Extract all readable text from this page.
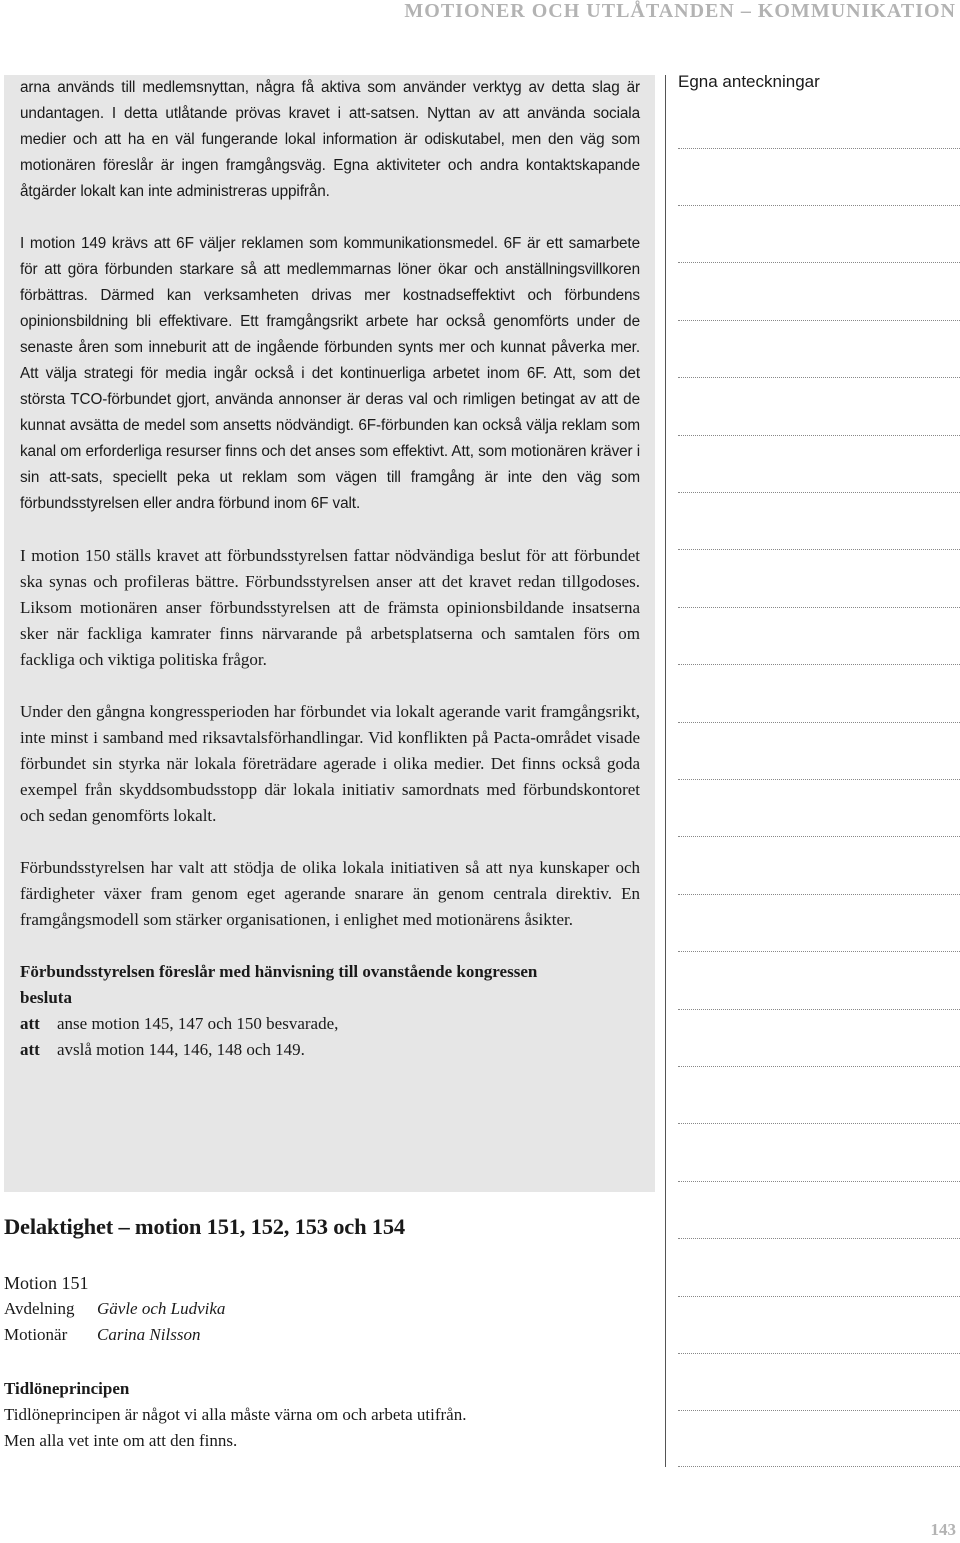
MOTIONER OCH UTLÅTANDEN – KOMMUNIKATION

arna används till medlemsnyttan, några få aktiva som använder verktyg av detta slag är undantagen. I detta utlåtande prövas kravet i att-satsen. Nyttan av att använda sociala medier och att ha en väl fungerande lokal information är odiskutabel, men den väg som motionären föreslår är ingen framgångsväg. Egna aktiviteter och andra kontaktskapande åtgärder lokalt kan inte administreras uppifrån.

I motion 149 krävs att 6F väljer reklamen som kommunikationsmedel. 6F är ett samarbete för att göra förbunden starkare så att medlemmarnas löner ökar och anställningsvillkoren förbättras. Därmed kan verksamheten drivas mer kostnadseffektivt och förbundens opinionsbildning bli effektivare. Ett framgångsrikt arbete har också genomförts under de senaste åren som inneburit att de ingående förbunden synts mer och kunnat påverka mer. Att välja strategi för media ingår också i det kontinuerliga arbetet inom 6F. Att, som det största TCO-förbundet gjort, använda annonser är deras val och rimligen betingat av att de kunnat avsätta de medel som ansetts nödvändigt. 6F-förbunden kan också välja reklam som kanal om erforderliga resurser finns och det anses som effektivt. Att, som motionären kräver i sin att-sats, speciellt peka ut reklam som vägen till framgång är inte den väg som förbundsstyrelsen eller andra förbund inom 6F valt.

I motion 150 ställs kravet att förbundsstyrelsen fattar nödvändiga beslut för att förbundet ska synas och profileras bättre. Förbundsstyrelsen anser att det kravet redan tillgodoses. Liksom motionären anser förbundsstyrelsen att de främsta opinionsbildande insatserna sker när fackliga kamrater finns närvarande på arbetsplatserna och samtalen förs om fackliga och viktiga politiska frågor.

Under den gångna kongressperioden har förbundet via lokalt agerande varit framgångsrikt, inte minst i samband med riksavtalsförhandlingar. Vid konflikten på Pacta-området visade förbundet sin styrka när lokala företrädare agerade i olika medier. Det finns också goda exempel från skyddsombudsstopp där lokala initiativ samordnats med förbundskontoret och sedan genomförts lokalt.

Förbundsstyrelsen har valt att stödja de olika lokala initiativen så att nya kunskaper och färdigheter växer fram genom eget agerande snarare än genom centrala direktiv. En framgångsmodell som stärker organisationen, i enlighet med motionärens åsikter.

Förbundsstyrelsen föreslår med hänvisning till ovanstående kongressen besluta
att	anse motion 145, 147 och 150 besvarade,
att	avslå motion 144, 146, 148 och 149.
Egna anteckningar
Delaktighet – motion 151, 152, 153 och 154
Motion 151
Avdelning	Gävle och Ludvika
Motionär	Carina Nilsson
Tidlöneprincipen
Tidlöneprincipen är något vi alla måste värna om och arbeta utifrån.
Men alla vet inte om att den finns.
143
